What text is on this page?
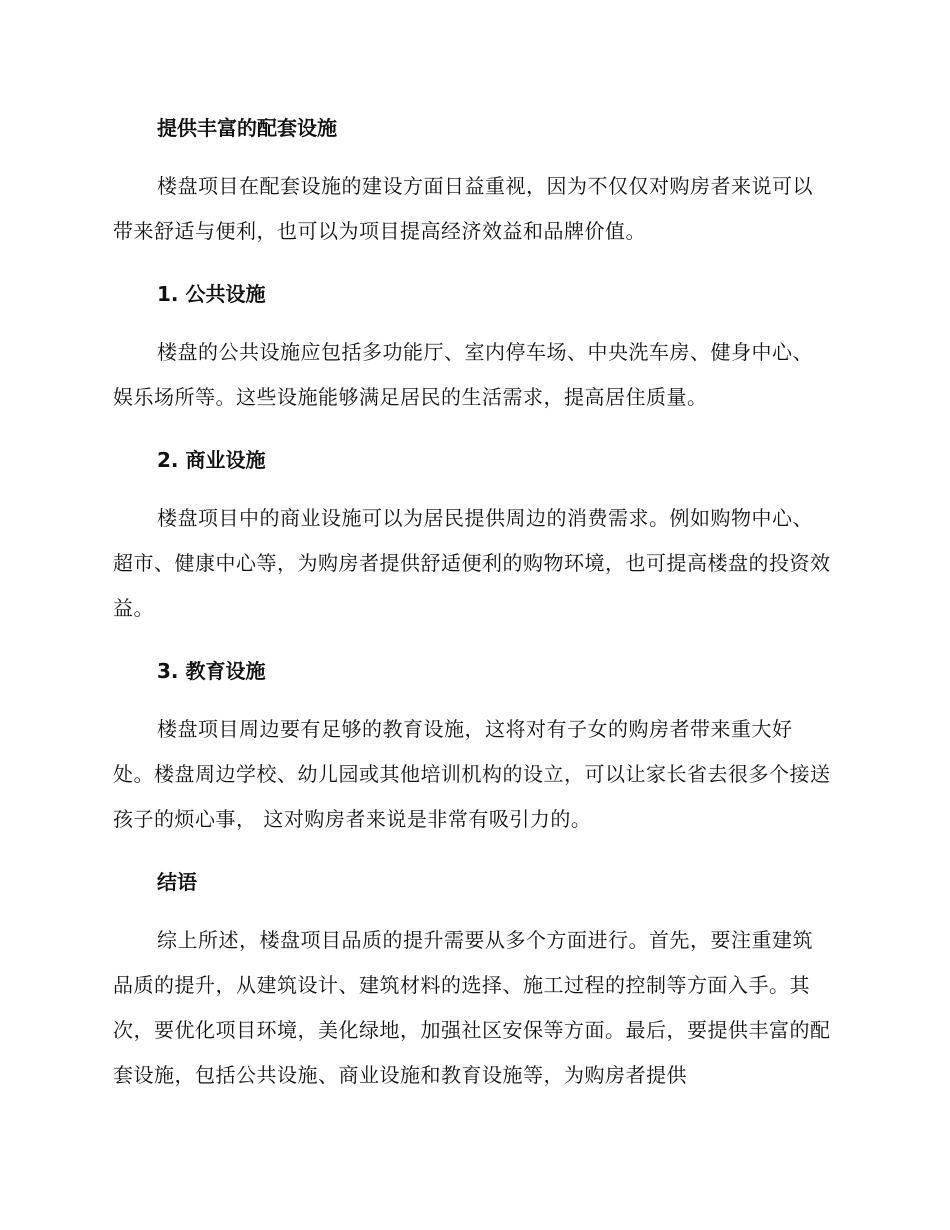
提供丰富的配套设施

楼盘项目在配套设施的建设方面日益重视，因为不仅仅对购房者来说可以带来舒适与便利，也可以为项目提高经济效益和品牌价值。

1. 公共设施

楼盘的公共设施应包括多功能厅、室内停车场、中央洗车房、健身中心、娱乐场所等。这些设施能够满足居民的生活需求，提高居住质量。

2. 商业设施

楼盘项目中的商业设施可以为居民提供周边的消费需求。例如购物中心、超市、健康中心等，为购房者提供舒适便利的购物环境，也可提高楼盘的投资效益。

3. 教育设施

楼盘项目周边要有足够的教育设施，这将对有子女的购房者带来重大好处。楼盘周边学校、幼儿园或其他培训机构的设立，可以让家长省去很多个接送孩子的烦心事， 这对购房者来说是非常有吸引力的。

结语

综上所述，楼盘项目品质的提升需要从多个方面进行。首先，要注重建筑品质的提升，从建筑设计、建筑材料的选择、施工过程的控制等方面入手。其次，要优化项目环境，美化绿地，加强社区安保等方面。最后，要提供丰富的配套设施，包括公共设施、商业设施和教育设施等，为购房者提供
